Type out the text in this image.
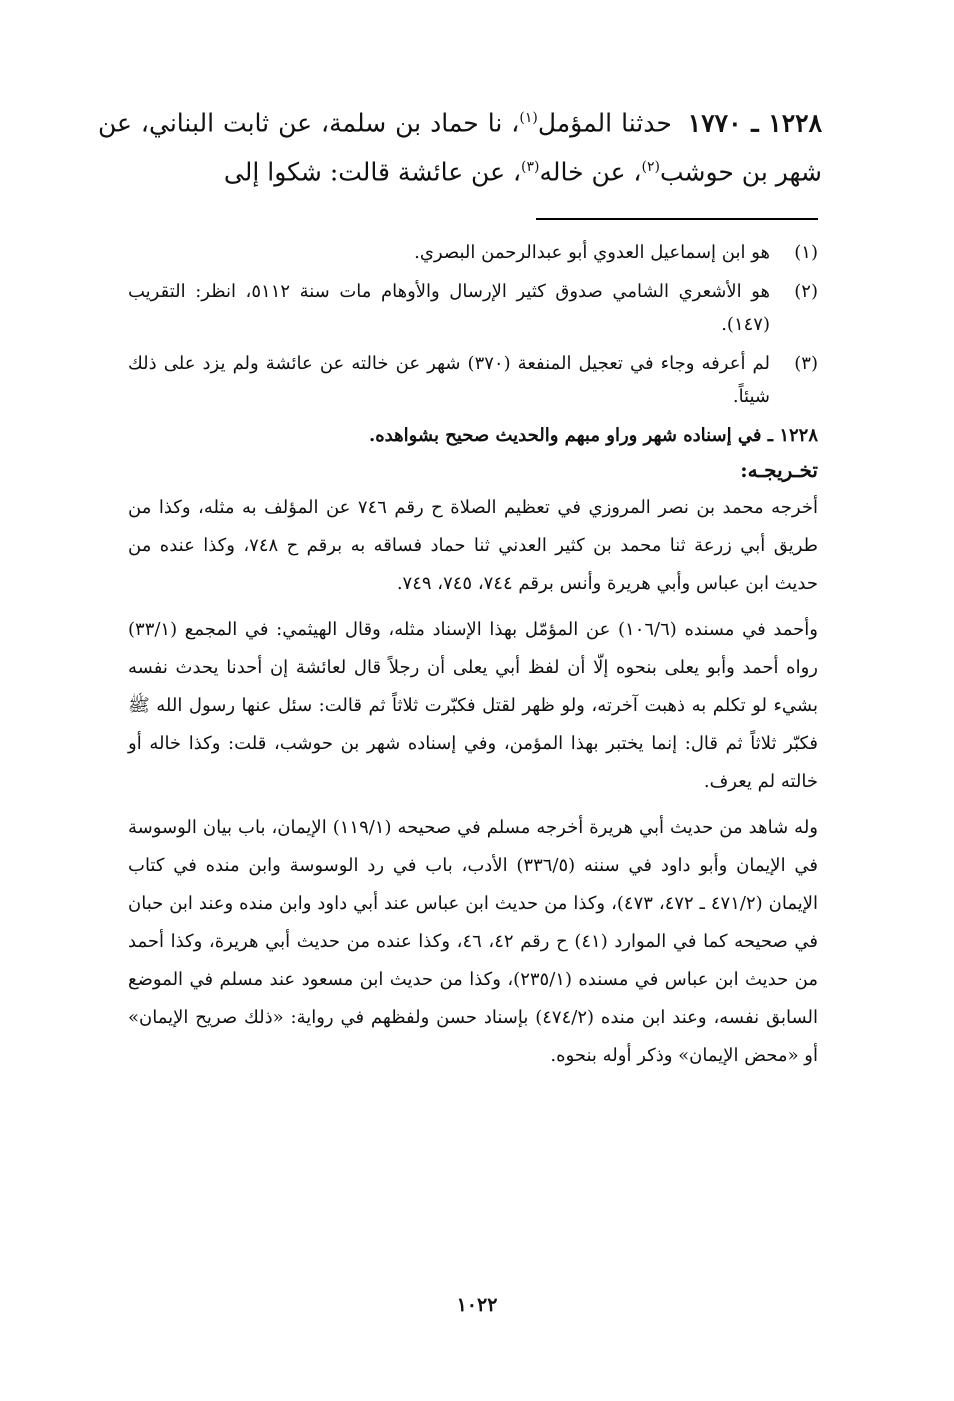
١٢٢٨ ـ ١٧٧٠حدثنا المؤمل$^{(١)}$، نا حماد بن سلمة، عن ثابت البناني، عن شهر بن حوشب$^{(٢)}$، عن خاله$^{(٣)}$، عن عائشة قالت: شكوا إلى
(١)
هو ابن إسماعيل العدوي أبو عبدالرحمن البصري.
(٢)
هو الأشعري الشامي صدوق كثير الإرسال والأوهام مات سنة ٥١١٢، انظر: التقريب (١٤٧).
(٣)
لم أعرفه وجاء في تعجيل المنفعة (٣٧٠) شهر عن خالته عن عائشة ولم يزد على ذلك شيئاً.
١٢٢٨ ـ في إسناده شهر وراو مبهم والحديث صحيح بشواهده.
تخـريجـه:

أخرجه محمد بن نصر المروزي في تعظيم الصلاة ح رقم ٧٤٦ عن المؤلف به مثله، وكذا من طريق أبي زرعة ثنا محمد بن كثير العدني ثنا حماد فساقه به برقم ح ٧٤٨، وكذا عنده من حديث ابن عباس وأبي هريرة وأنس برقم ٧٤٤، ٧٤٥، ٧٤٩.

وأحمد في مسنده (١٠٦/٦) عن المؤمّل بهذا الإسناد مثله، وقال الهيثمي: في المجمع (٣٣/١) رواه أحمد وأبو يعلى بنحوه إلّا أن لفظ أبي يعلى أن رجلاً قال لعائشة إن أحدنا يحدث نفسه بشيء لو تكلم به ذهبت آخرته، ولو ظهر لقتل فكبّرت ثلاثاً ثم قالت: سئل عنها رسول الله ﷺ فكبّر ثلاثاً ثم قال: إنما يختبر بهذا المؤمن، وفي إسناده شهر بن حوشب، قلت: وكذا خاله أو خالته لم يعرف.

وله شاهد من حديث أبي هريرة أخرجه مسلم في صحيحه (١١٩/١) الإيمان، باب بيان الوسوسة في الإيمان وأبو داود في سننه (٣٣٦/٥) الأدب، باب في رد الوسوسة وابن منده في كتاب الإيمان (٤٧١/٢ ـ ٤٧٢، ٤٧٣)، وكذا من حديث ابن عباس عند أبي داود وابن منده وعند ابن حبان في صحيحه كما في الموارد (٤١) ح رقم ٤٢، ٤٦، وكذا عنده من حديث أبي هريرة، وكذا أحمد من حديث ابن عباس في مسنده (٢٣٥/١)، وكذا من حديث ابن مسعود عند مسلم في الموضع السابق نفسه، وعند ابن منده (٤٧٤/٢) بإسناد حسن ولفظهم في رواية: «ذلك صريح الإيمان» أو «محض الإيمان» وذكر أوله بنحوه.

١٠٢٢
